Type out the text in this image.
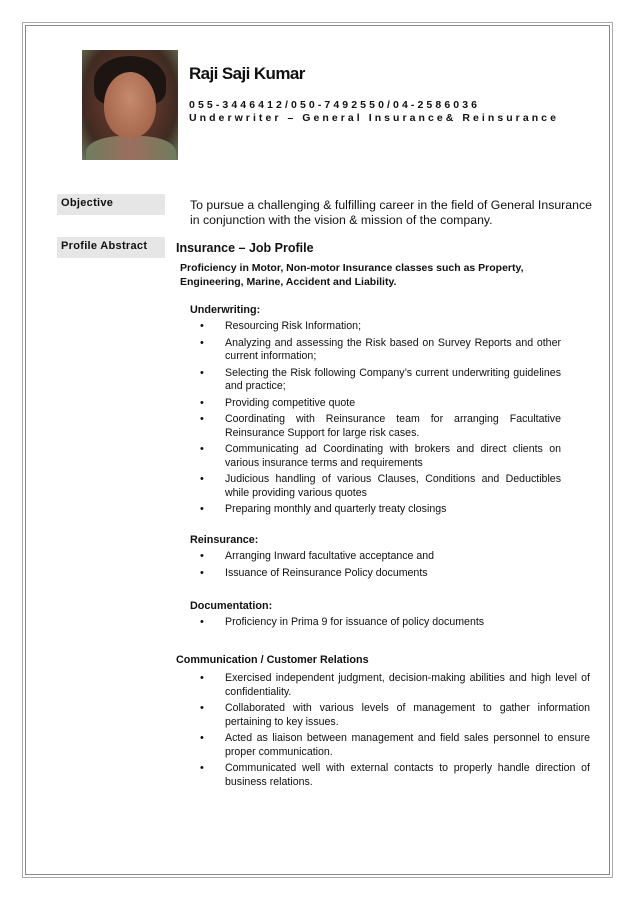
Raji Saji Kumar
055-3446412/050-7492550/04-2586036
Underwriter – General Insurance& Reinsurance
Objective	To pursue a challenging & fulfilling career in the field of General Insurance in conjunction with the vision & mission of the company.
Profile Abstract	Insurance – Job Profile
Proficiency in Motor, Non-motor Insurance classes such as Property, Engineering, Marine, Accident and Liability.
Underwriting:
• Resourcing Risk Information;
• Analyzing and assessing the Risk based on Survey Reports and other current information;
• Selecting the Risk following Company’s current underwriting guidelines and practice;
• Providing competitive quote
• Coordinating with Reinsurance team for arranging Facultative Reinsurance Support for large risk cases.
• Communicating ad Coordinating with brokers and direct clients on various insurance terms and requirements
• Judicious handling of various Clauses, Conditions and Deductibles while providing various quotes
• Preparing monthly and quarterly treaty closings
Reinsurance:
• Arranging Inward facultative acceptance and
• Issuance of Reinsurance Policy documents
Documentation:
• Proficiency in Prima 9 for issuance of policy documents
Communication / Customer Relations
• Exercised independent judgment, decision-making abilities and high level of confidentiality.
• Collaborated with various levels of management to gather information pertaining to key issues.
• Acted as liaison between management and field sales personnel to ensure proper communication.
• Communicated well with external contacts to properly handle direction of business relations.
